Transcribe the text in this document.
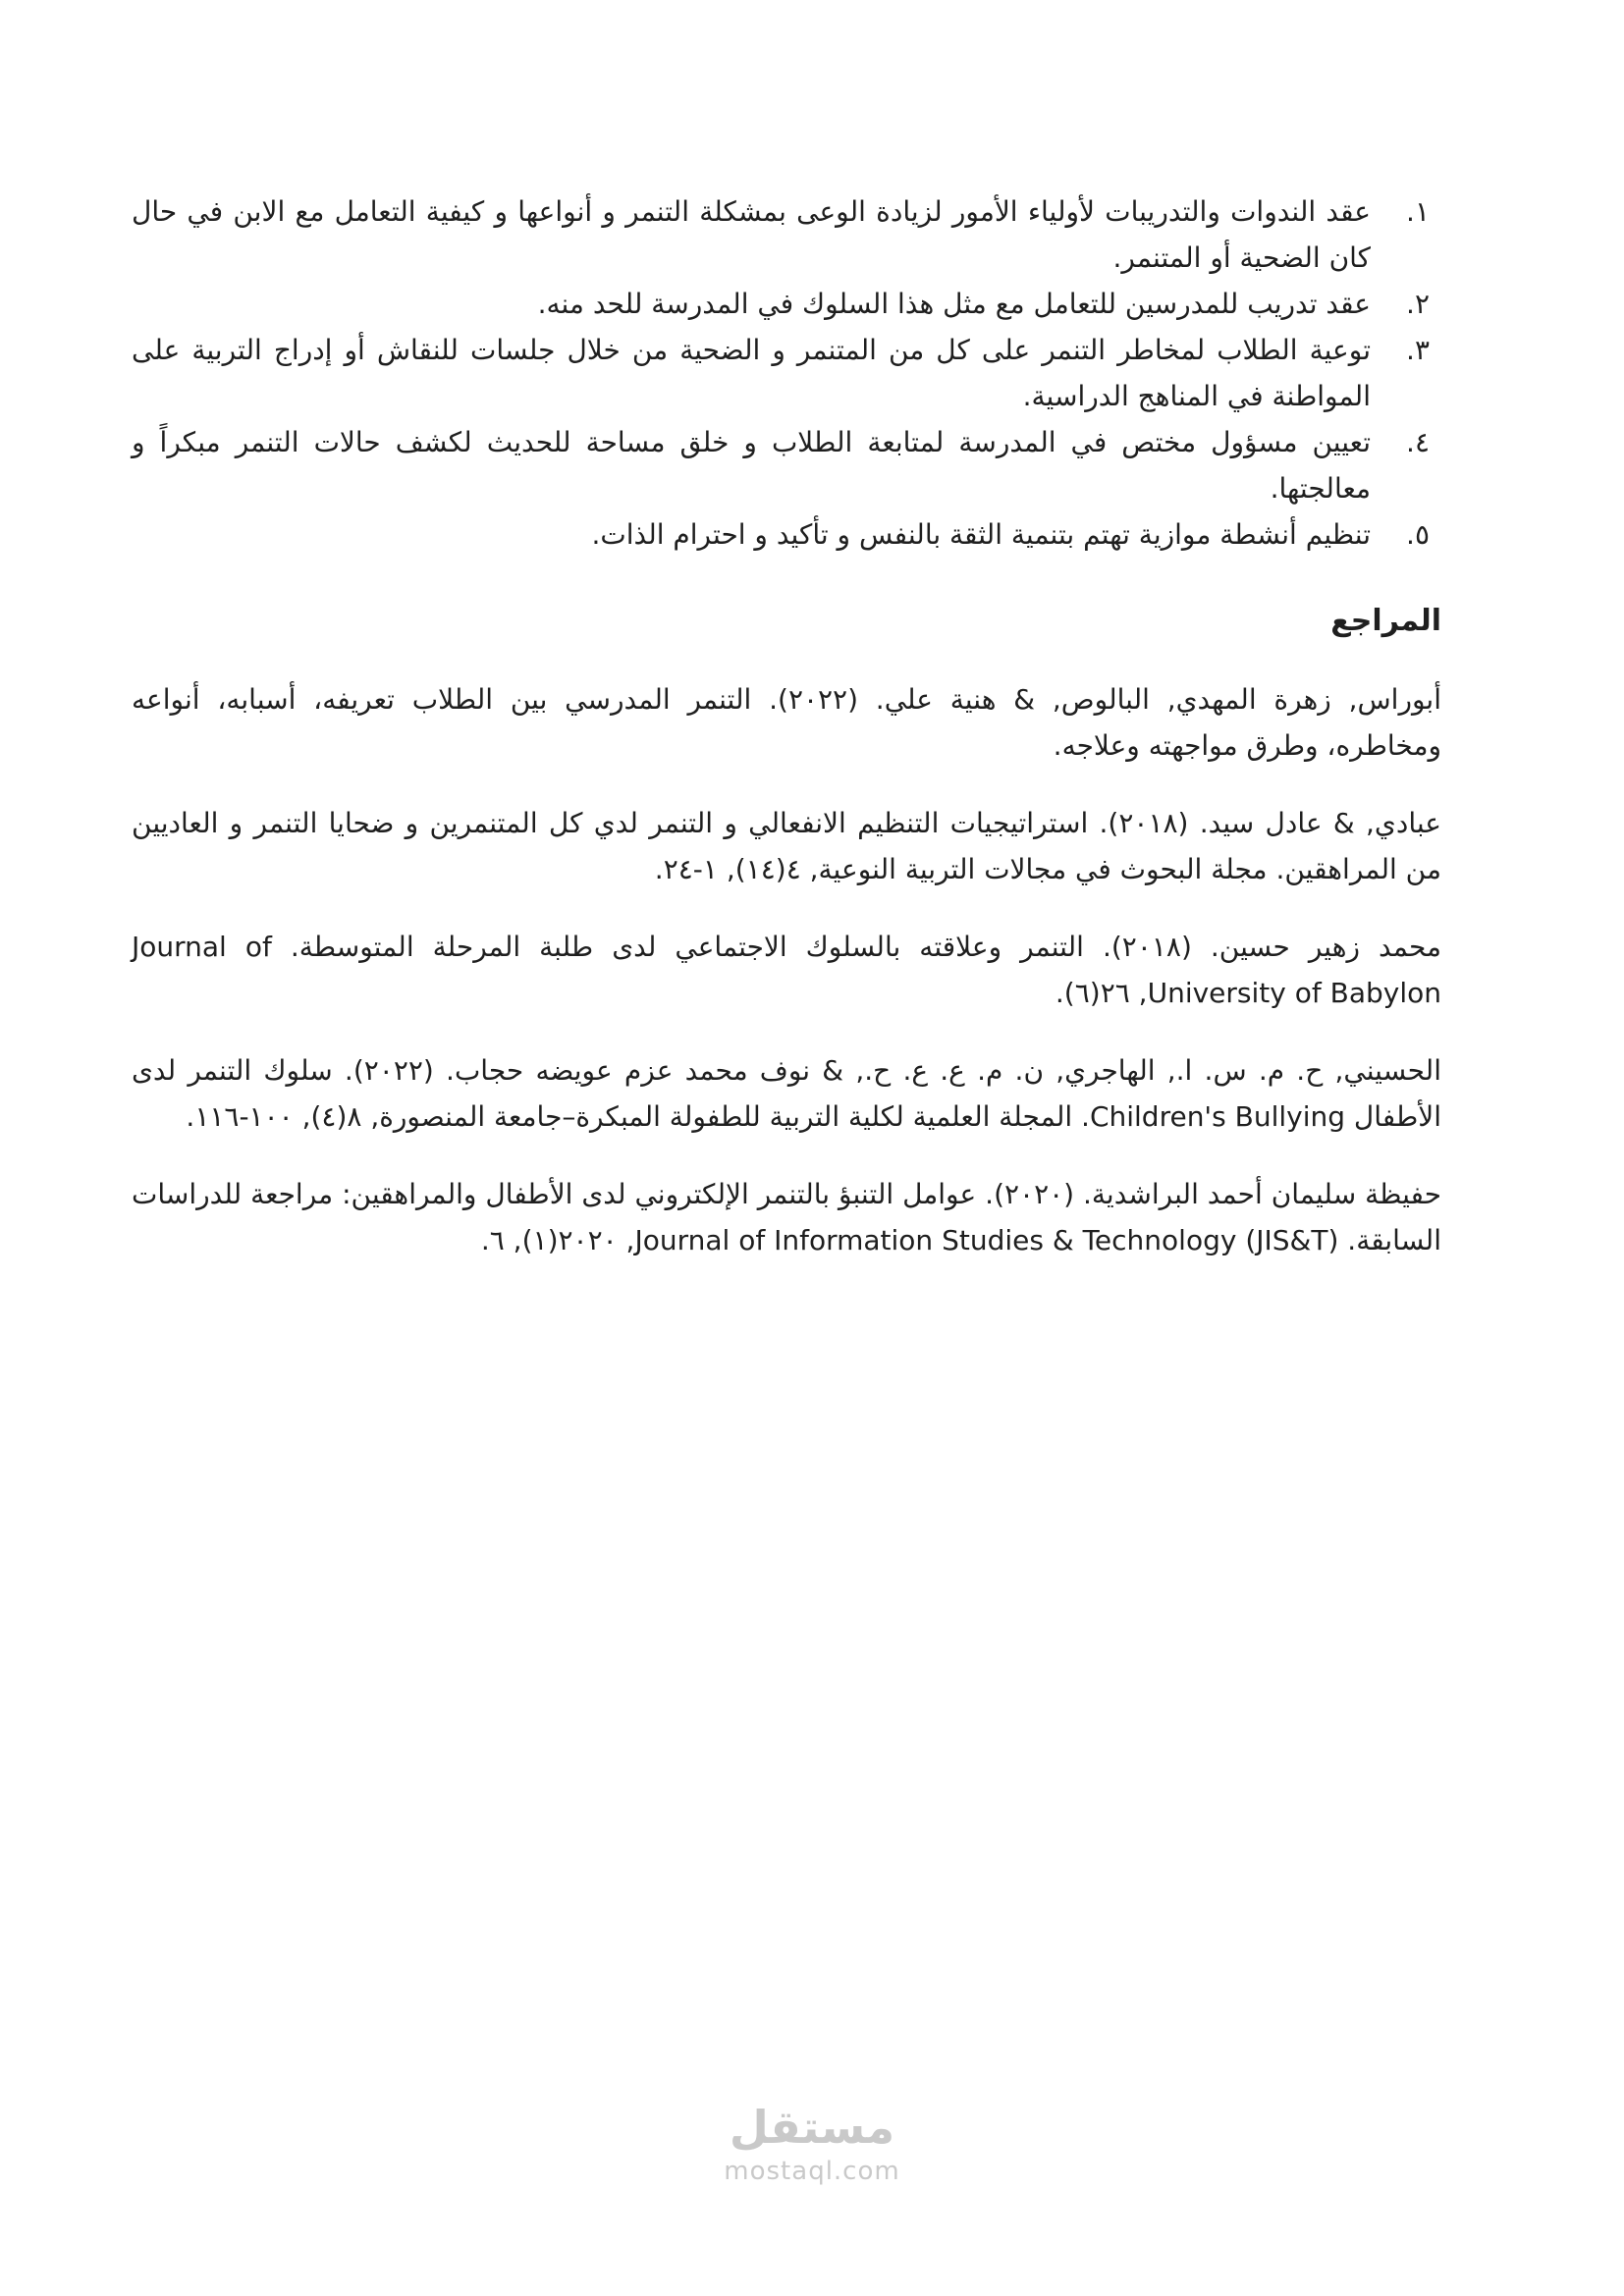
١.
عقد الندوات والتدريبات لأولياء الأمور لزيادة الوعى بمشكلة التنمر و أنواعها و كيفية التعامل مع الابن في حال كان الضحية أو المتنمر.
٢.
عقد تدريب للمدرسين للتعامل مع مثل هذا السلوك في المدرسة للحد منه.
٣.
توعية الطلاب لمخاطر التنمر على كل من المتنمر و الضحية من خلال جلسات للنقاش أو إدراج التربية على المواطنة في المناهج الدراسية.
٤.
تعيين مسؤول مختص في المدرسة لمتابعة الطلاب و خلق مساحة للحديث لكشف حالات التنمر مبكراً و معالجتها.
٥.
تنظيم أنشطة موازية تهتم بتنمية الثقة بالنفس و تأكيد و احترام الذات.
المراجع

أبوراس, زهرة المهدي, البالوص, & هنية علي. (٢٠٢٢). التنمر المدرسي بين الطلاب تعريفه، أسبابه، أنواعه ومخاطره، وطرق مواجهته وعلاجه.

عبادي, & عادل سيد. (٢٠١٨). استراتيجيات التنظيم الانفعالي و التنمر لدي كل المتنمرين و ضحايا التنمر و العاديين من المراهقين. مجلة البحوث في مجالات التربية النوعية, ٤(١٤), ١-٢٤.

محمد زهير حسين. (٢٠١٨). التنمر وعلاقته بالسلوك الاجتماعي لدى طلبة المرحلة المتوسطة. Journal of University of Babylon, ٢٦(٦).

الحسيني, ح. م. س. ا., الهاجري, ن. م. ع. ع. ح., & نوف محمد عزم عويضه حجاب. (٢٠٢٢). سلوك التنمر لدى الأطفال Children's Bullying. المجلة العلمية لكلية التربية للطفولة المبكرة–جامعة المنصورة, ٨(٤), ١٠٠-١١٦.

حفيظة سليمان أحمد البراشدية. (٢٠٢٠). عوامل التنبؤ بالتنمر الإلكتروني لدى الأطفال والمراهقين: مراجعة للدراسات السابقة. Journal of Information Studies & Technology (JIS&T), ٢٠٢٠(١), ٦.

مستقل
mostaql.com
